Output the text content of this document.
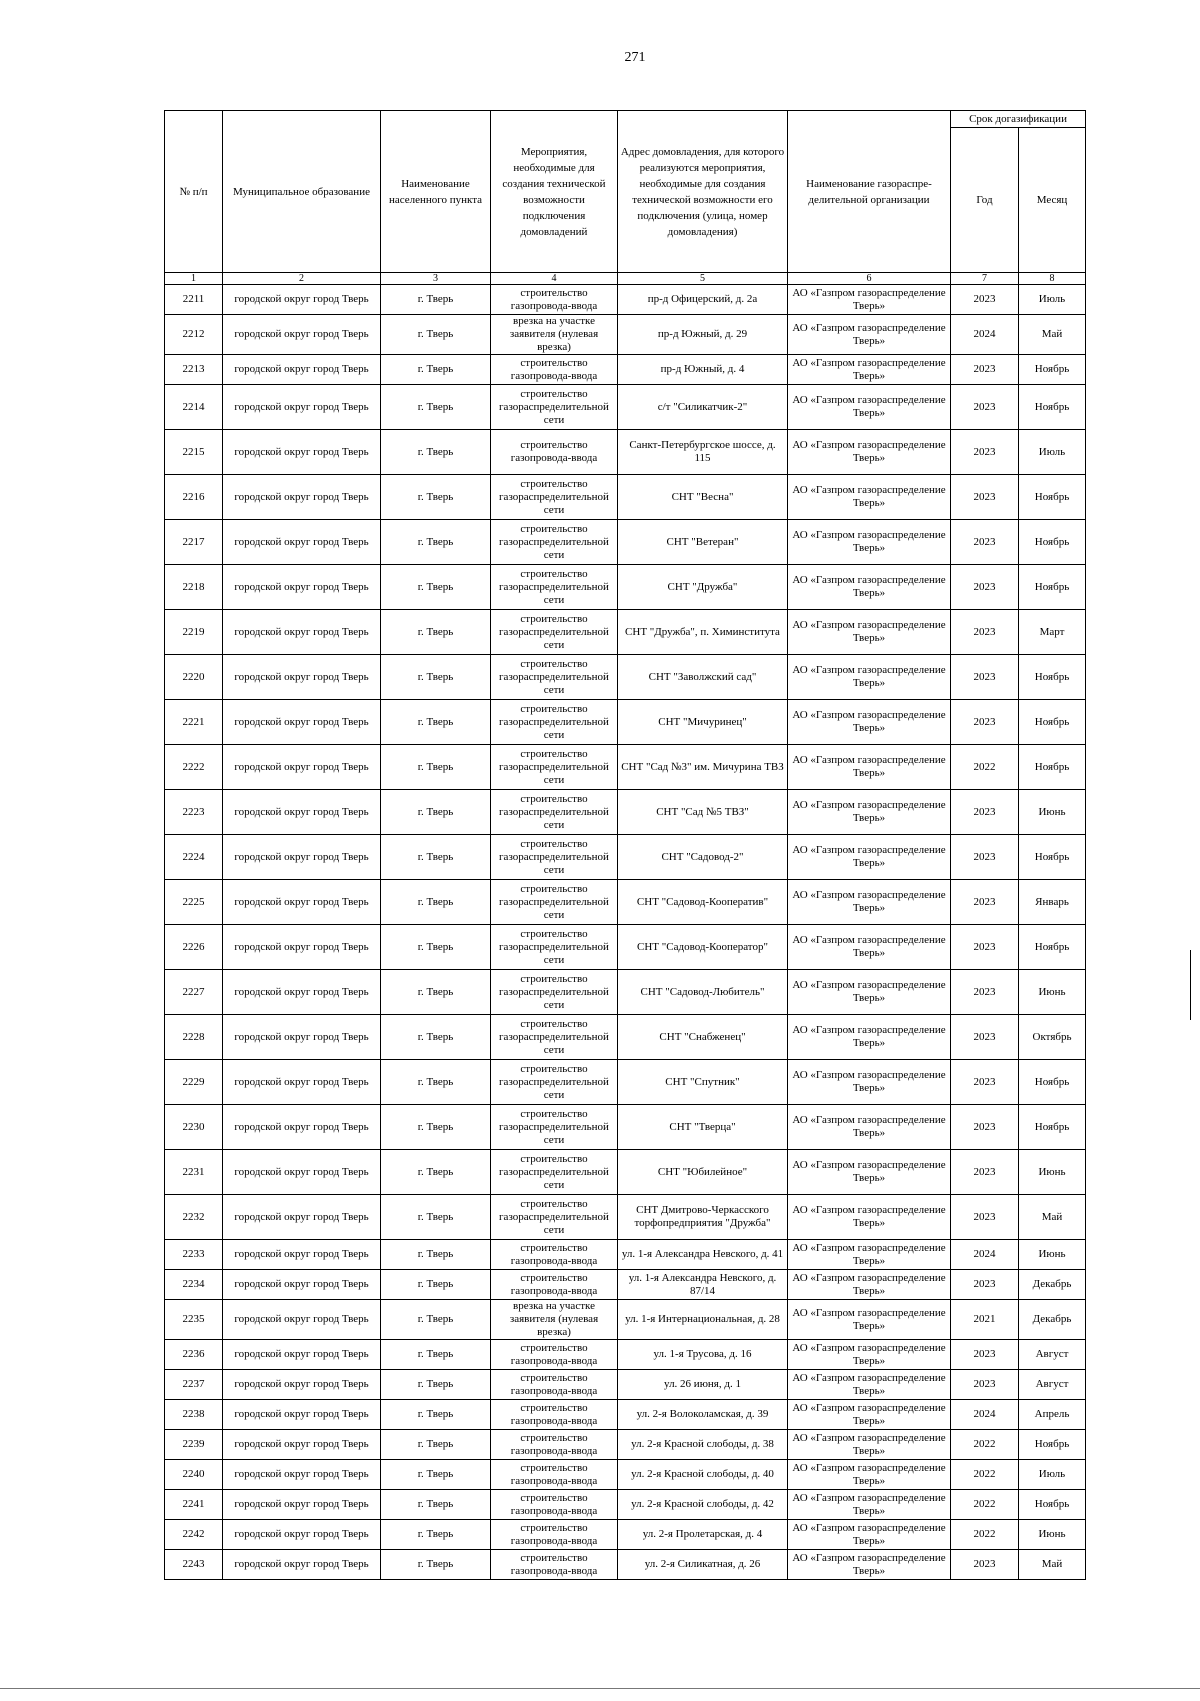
271
№ п/п	Муниципальное образование	Наименование населенного пункта	Мероприятия, необходимые для создания технической возможности подключения домовладений	Адрес домовладения, для которого реализуются мероприятия, необходимые для создания технической возможности его подключения (улица, номер домовладения)	Наименование газораспре-делительной организации	Срок догазификации	
						Год	Месяц
1	2	3	4	5	6	7	8
2211	городской округ город Тверь	г. Тверь	строительство газопровода-ввода	пр-д Офицерский, д. 2а	АО «Газпром газораспределение Тверь»	2023	Июль
2212	городской округ город Тверь	г. Тверь	врезка на участке заявителя (нулевая врезка)	пр-д Южный, д. 29	АО «Газпром газораспределение Тверь»	2024	Май
2213	городской округ город Тверь	г. Тверь	строительство газопровода-ввода	пр-д Южный, д. 4	АО «Газпром газораспределение Тверь»	2023	Ноябрь
2214	городской округ город Тверь	г. Тверь	строительство газораспределительной сети	с/т "Силикатчик-2"	АО «Газпром газораспределение Тверь»	2023	Ноябрь
2215	городской округ город Тверь	г. Тверь	строительство газопровода-ввода	Санкт-Петербургское шоссе, д. 115	АО «Газпром газораспределение Тверь»	2023	Июль
2216	городской округ город Тверь	г. Тверь	строительство газораспределительной сети	СНТ "Весна"	АО «Газпром газораспределение Тверь»	2023	Ноябрь
2217	городской округ город Тверь	г. Тверь	строительство газораспределительной сети	СНТ "Ветеран"	АО «Газпром газораспределение Тверь»	2023	Ноябрь
2218	городской округ город Тверь	г. Тверь	строительство газораспределительной сети	СНТ "Дружба"	АО «Газпром газораспределение Тверь»	2023	Ноябрь
2219	городской округ город Тверь	г. Тверь	строительство газораспределительной сети	СНТ "Дружба", п. Химинститута	АО «Газпром газораспределение Тверь»	2023	Март
2220	городской округ город Тверь	г. Тверь	строительство газораспределительной сети	СНТ "Заволжский сад"	АО «Газпром газораспределение Тверь»	2023	Ноябрь
2221	городской округ город Тверь	г. Тверь	строительство газораспределительной сети	СНТ "Мичуринец"	АО «Газпром газораспределение Тверь»	2023	Ноябрь
2222	городской округ город Тверь	г. Тверь	строительство газораспределительной сети	СНТ "Сад №3" им. Мичурина ТВЗ	АО «Газпром газораспределение Тверь»	2022	Ноябрь
2223	городской округ город Тверь	г. Тверь	строительство газораспределительной сети	СНТ "Сад №5 ТВЗ"	АО «Газпром газораспределение Тверь»	2023	Июнь
2224	городской округ город Тверь	г. Тверь	строительство газораспределительной сети	СНТ "Садовод-2"	АО «Газпром газораспределение Тверь»	2023	Ноябрь
2225	городской округ город Тверь	г. Тверь	строительство газораспределительной сети	СНТ "Садовод-Кооператив"	АО «Газпром газораспределение Тверь»	2023	Январь
2226	городской округ город Тверь	г. Тверь	строительство газораспределительной сети	СНТ "Садовод-Кооператор"	АО «Газпром газораспределение Тверь»	2023	Ноябрь
2227	городской округ город Тверь	г. Тверь	строительство газораспределительной сети	СНТ "Садовод-Любитель"	АО «Газпром газораспределение Тверь»	2023	Июнь
2228	городской округ город Тверь	г. Тверь	строительство газораспределительной сети	СНТ "Снабженец"	АО «Газпром газораспределение Тверь»	2023	Октябрь
2229	городской округ город Тверь	г. Тверь	строительство газораспределительной сети	СНТ "Спутник"	АО «Газпром газораспределение Тверь»	2023	Ноябрь
2230	городской округ город Тверь	г. Тверь	строительство газораспределительной сети	СНТ "Тверца"	АО «Газпром газораспределение Тверь»	2023	Ноябрь
2231	городской округ город Тверь	г. Тверь	строительство газораспределительной сети	СНТ "Юбилейное"	АО «Газпром газораспределение Тверь»	2023	Июнь
2232	городской округ город Тверь	г. Тверь	строительство газораспределительной сети	СНТ Дмитрово-Черкасского торфопредприятия "Дружба"	АО «Газпром газораспределение Тверь»	2023	Май
2233	городской округ город Тверь	г. Тверь	строительство газопровода-ввода	ул. 1-я Александра Невского, д. 41	АО «Газпром газораспределение Тверь»	2024	Июнь
2234	городской округ город Тверь	г. Тверь	строительство газопровода-ввода	ул. 1-я Александра Невского, д. 87/14	АО «Газпром газораспределение Тверь»	2023	Декабрь
2235	городской округ город Тверь	г. Тверь	врезка на участке заявителя (нулевая врезка)	ул. 1-я Интернациональная, д. 28	АО «Газпром газораспределение Тверь»	2021	Декабрь
2236	городской округ город Тверь	г. Тверь	строительство газопровода-ввода	ул. 1-я Трусова, д. 16	АО «Газпром газораспределение Тверь»	2023	Август
2237	городской округ город Тверь	г. Тверь	строительство газопровода-ввода	ул. 26 июня, д. 1	АО «Газпром газораспределение Тверь»	2023	Август
2238	городской округ город Тверь	г. Тверь	строительство газопровода-ввода	ул. 2-я Волоколамская, д. 39	АО «Газпром газораспределение Тверь»	2024	Апрель
2239	городской округ город Тверь	г. Тверь	строительство газопровода-ввода	ул. 2-я Красной слободы, д. 38	АО «Газпром газораспределение Тверь»	2022	Ноябрь
2240	городской округ город Тверь	г. Тверь	строительство газопровода-ввода	ул. 2-я Красной слободы, д. 40	АО «Газпром газораспределение Тверь»	2022	Июль
2241	городской округ город Тверь	г. Тверь	строительство газопровода-ввода	ул. 2-я Красной слободы, д. 42	АО «Газпром газораспределение Тверь»	2022	Ноябрь
2242	городской округ город Тверь	г. Тверь	строительство газопровода-ввода	ул. 2-я Пролетарская, д. 4	АО «Газпром газораспределение Тверь»	2022	Июнь
2243	городской округ город Тверь	г. Тверь	строительство газопровода-ввода	ул. 2-я Силикатная, д. 26	АО «Газпром газораспределение Тверь»	2023	Май
